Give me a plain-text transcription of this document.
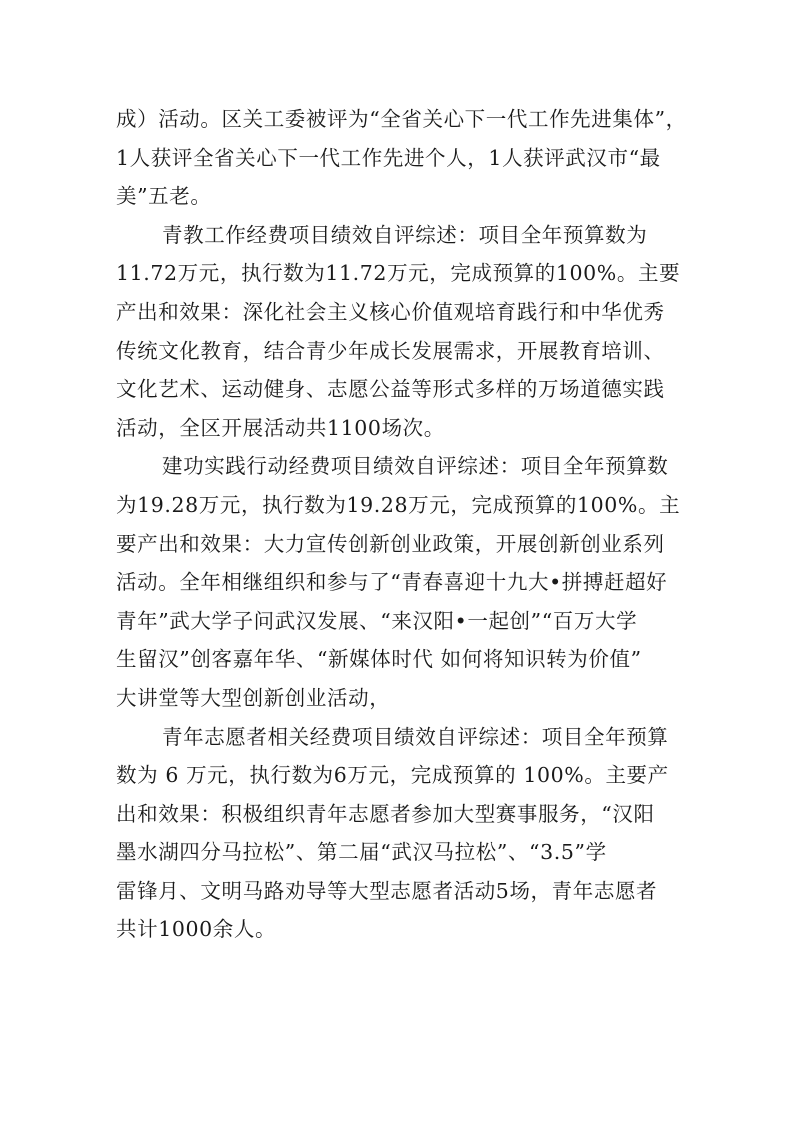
成）活动。区关工委被评为“全省关心下一代工作先进集体”，
1人获评全省关心下一代工作先进个人，1人获评武汉市“最
美”五老。
青教工作经费项目绩效自评综述：项目全年预算数为
11.72万元，执行数为11.72万元，完成预算的100%。主要
产出和效果：深化社会主义核心价值观培育践行和中华优秀
传统文化教育，结合青少年成长发展需求，开展教育培训、
文化艺术、运动健身、志愿公益等形式多样的万场道德实践
活动，全区开展活动共1100场次。
建功实践行动经费项目绩效自评综述：项目全年预算数
为19.28万元，执行数为19.28万元，完成预算的100%。主
要产出和效果：大力宣传创新创业政策，开展创新创业系列
活动。全年相继组织和参与了“青春喜迎十九大•拼搏赶超好
青年”武大学子问武汉发展、“来汉阳•一起创”“百万大学
生留汉”创客嘉年华、“新媒体时代 如何将知识转为价值”
大讲堂等大型创新创业活动，
青年志愿者相关经费项目绩效自评综述：项目全年预算
数为 6 万元，执行数为6万元，完成预算的 100%。主要产
出和效果：积极组织青年志愿者参加大型赛事服务，“汉阳
墨水湖四分马拉松”、第二届“武汉马拉松”、“3.5”学
雷锋月、文明马路劝导等大型志愿者活动5场，青年志愿者
共计1000余人。
